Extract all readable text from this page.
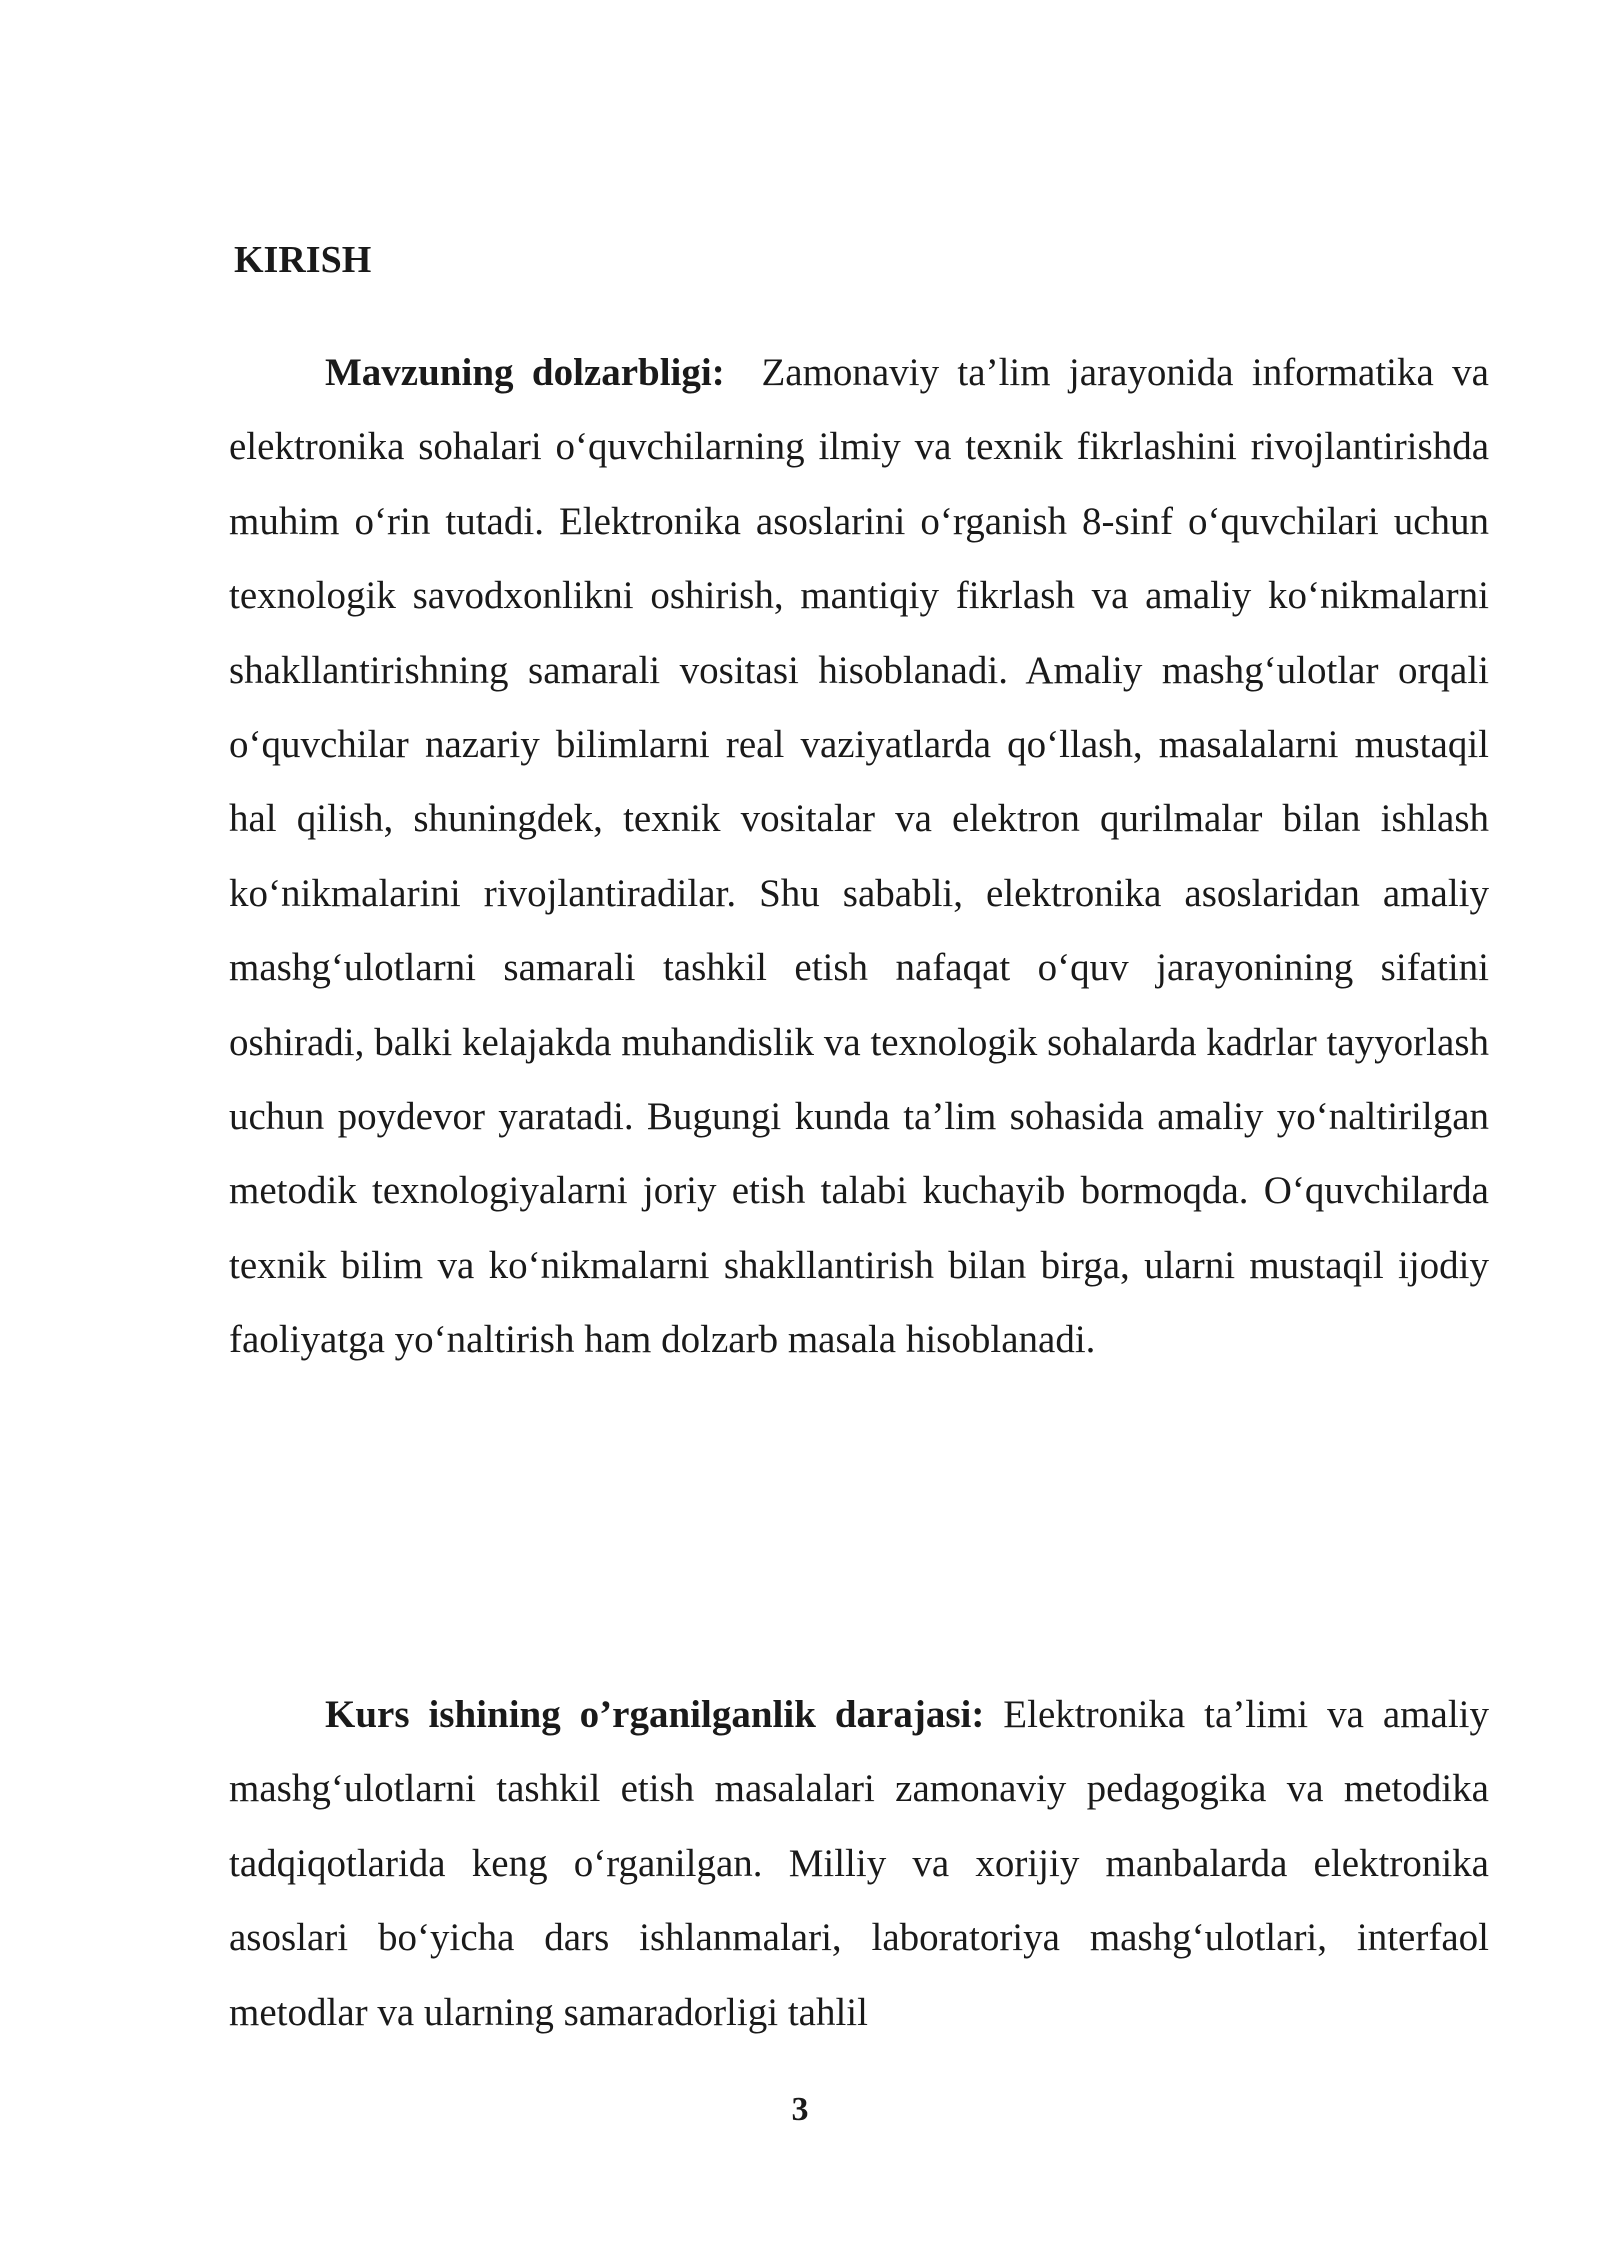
KIRISH

Mavzuning dolzarbligi: Zamonaviy ta’lim jarayonida informatika va elektronika sohalari o‘quvchilarning ilmiy va texnik fikrlashini rivojlantirishda muhim o‘rin tutadi. Elektronika asoslarini o‘rganish 8-sinf o‘quvchilari uchun texnologik savodxonlikni oshirish, mantiqiy fikrlash va amaliy ko‘nikmalarni shakllantirishning samarali vositasi hisoblanadi. Amaliy mashg‘ulotlar orqali o‘quvchilar nazariy bilimlarni real vaziyatlarda qo‘llash, masalalarni mustaqil hal qilish, shuningdek, texnik vositalar va elektron qurilmalar bilan ishlash ko‘nikmalarini rivojlantiradilar. Shu sababli, elektronika asoslaridan amaliy mashg‘ulotlarni samarali tashkil etish nafaqat o‘quv jarayonining sifatini oshiradi, balki kelajakda muhandislik va texnologik sohalarda kadrlar tayyorlash uchun poydevor yaratadi. Bugungi kunda ta’lim sohasida amaliy yo‘naltirilgan metodik texnologiyalarni joriy etish talabi kuchayib bormoqda. O‘quvchilarda texnik bilim va ko‘nikmalarni shakllantirish bilan birga, ularni mustaqil ijodiy faoliyatga yo‘naltirish ham dolzarb masala hisoblanadi.

Kurs ishining o’rganilganlik darajasi: Elektronika ta’limi va amaliy mashg‘ulotlarni tashkil etish masalalari zamonaviy pedagogika va metodika tadqiqotlarida keng o‘rganilgan. Milliy va xorijiy manbalarda elektronika asoslari bo‘yicha dars ishlanmalari, laboratoriya mashg‘ulotlari, interfaol metodlar va ularning samaradorligi tahlil

3
